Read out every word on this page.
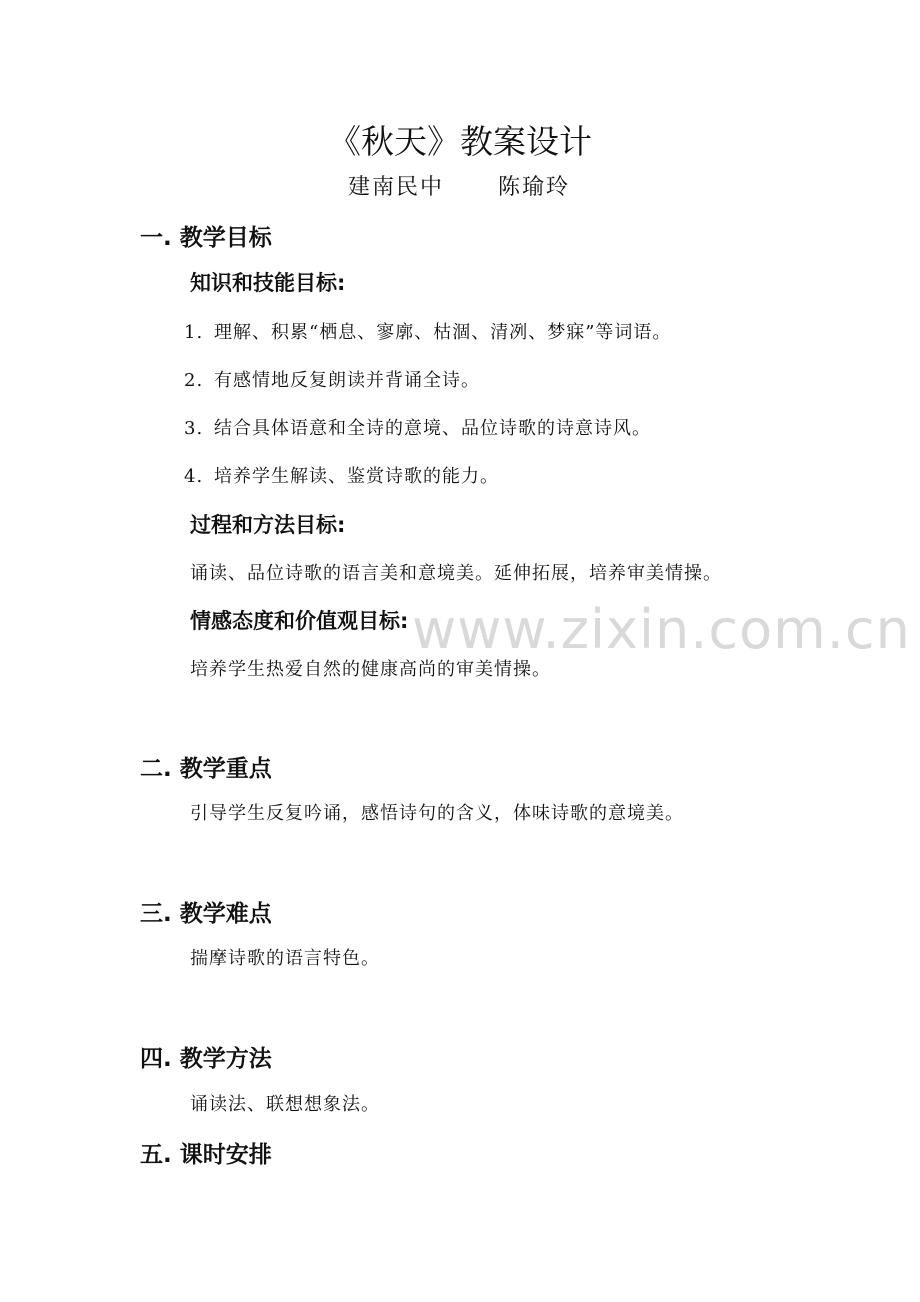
www.zixin.com.cn
《秋天》教案设计
建南民中 陈瑜玲
一. 教学目标
知识和技能目标:
1. 理解、积累“栖息、寥廓、枯涸、清冽、梦寐”等词语。
2. 有感情地反复朗读并背诵全诗。
3. 结合具体语意和全诗的意境、品位诗歌的诗意诗风。
4. 培养学生解读、鉴赏诗歌的能力。
过程和方法目标:
诵读、品位诗歌的语言美和意境美。延伸拓展，培养审美情操。
情感态度和价值观目标:
培养学生热爱自然的健康高尚的审美情操。
二. 教学重点
引导学生反复吟诵，感悟诗句的含义，体味诗歌的意境美。
三. 教学难点
揣摩诗歌的语言特色。
四. 教学方法
诵读法、联想想象法。
五. 课时安排
